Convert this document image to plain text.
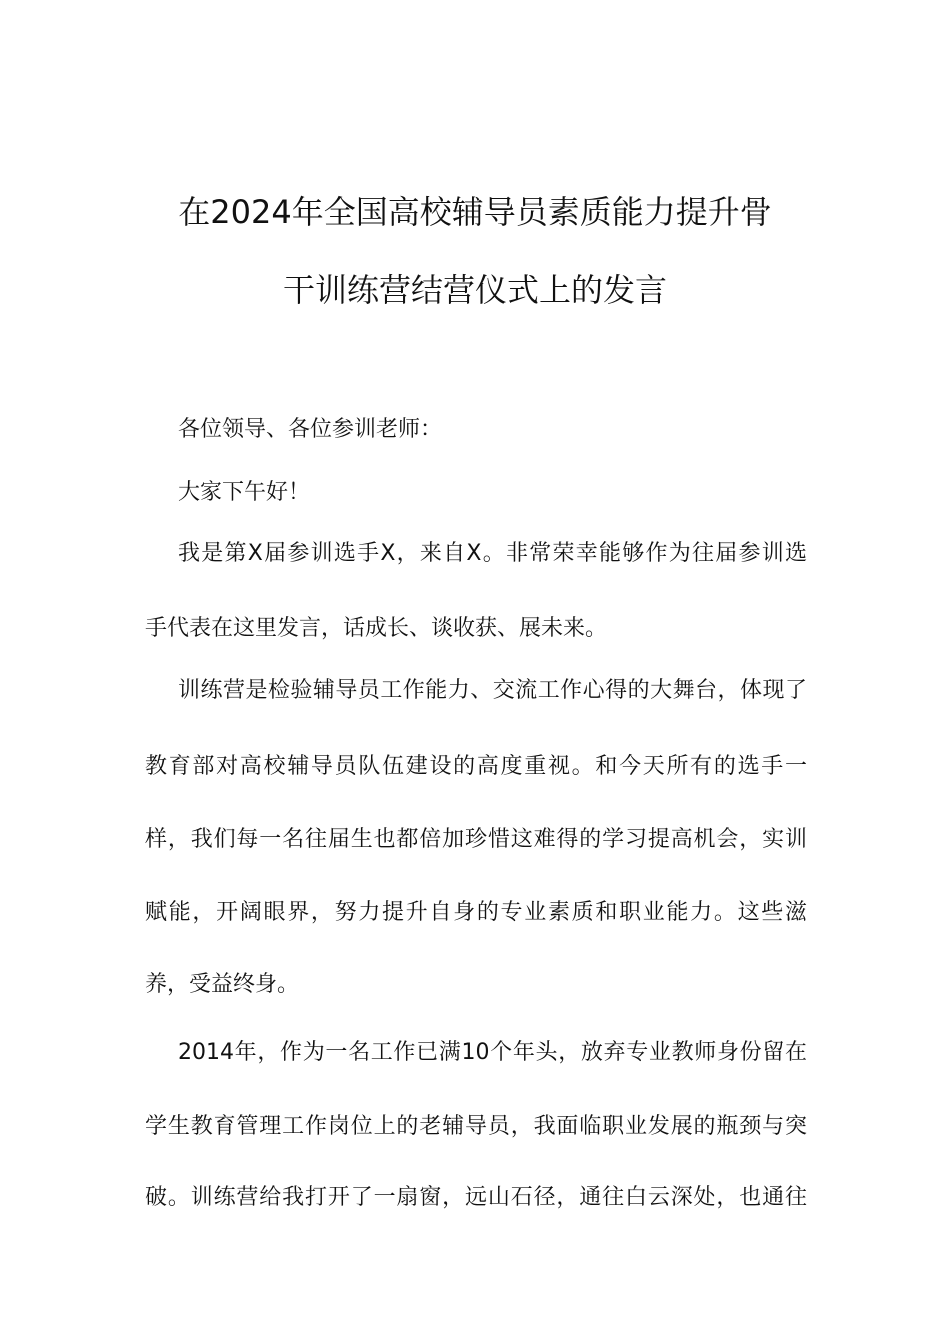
在2024年全国高校辅导员素质能力提升骨
干训练营结营仪式上的发言
各位领导、各位参训老师：
大家下午好！
我是第X届参训选手X，来自X。非常荣幸能够作为往届参训选
手代表在这里发言，话成长、谈收获、展未来。
训练营是检验辅导员工作能力、交流工作心得的大舞台，体现了
教育部对高校辅导员队伍建设的高度重视。和今天所有的选手一
样，我们每一名往届生也都倍加珍惜这难得的学习提高机会，实训
赋能，开阔眼界，努力提升自身的专业素质和职业能力。这些滋
养，受益终身。
2014年，作为一名工作已满10个年头，放弃专业教师身份留在
学生教育管理工作岗位上的老辅导员，我面临职业发展的瓶颈与突
破。训练营给我打开了一扇窗，远山石径，通往白云深处，也通往
